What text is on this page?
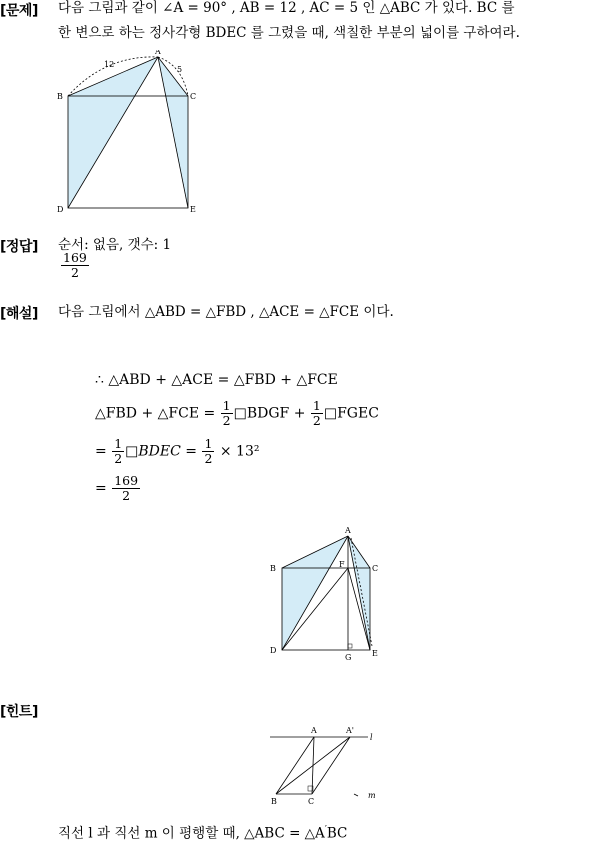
[문제] 다음 그림과 같이 ∠A = 90° , $\overline{AB} = 12$ , $\overline{AC} = 5$ 인 △ABC 가 있다. $\overline{BC}$ 를
한 변으로 하는 정사각형 BDEC 를 그렸을 때, 색칠한 부분의 넓이를 구하여라.
A
B	C
D	E
12
5
[정답] 순서: 없음, 갯수: 1
$\frac{169}{2}$
[해설] 다음 그림에서 △ABD = △FBD , △ACE = △FCE 이다.
∴ △ABD + △ACE = △FBD + △FCE
△FBD + △FCE = $\frac{1}{2}$ □BDGF + $\frac{1}{2}$ □FGEC
= $\frac{1}{2}$ □BDEC = $\frac{1}{2} \times 13^2$
= $\frac{169}{2}$
A
B	C
D	E
F
G
[힌트]
A	A'
l
B	C
m
직선 l 과 직선 m 이 평행할 때, △ABC = △A′BC
